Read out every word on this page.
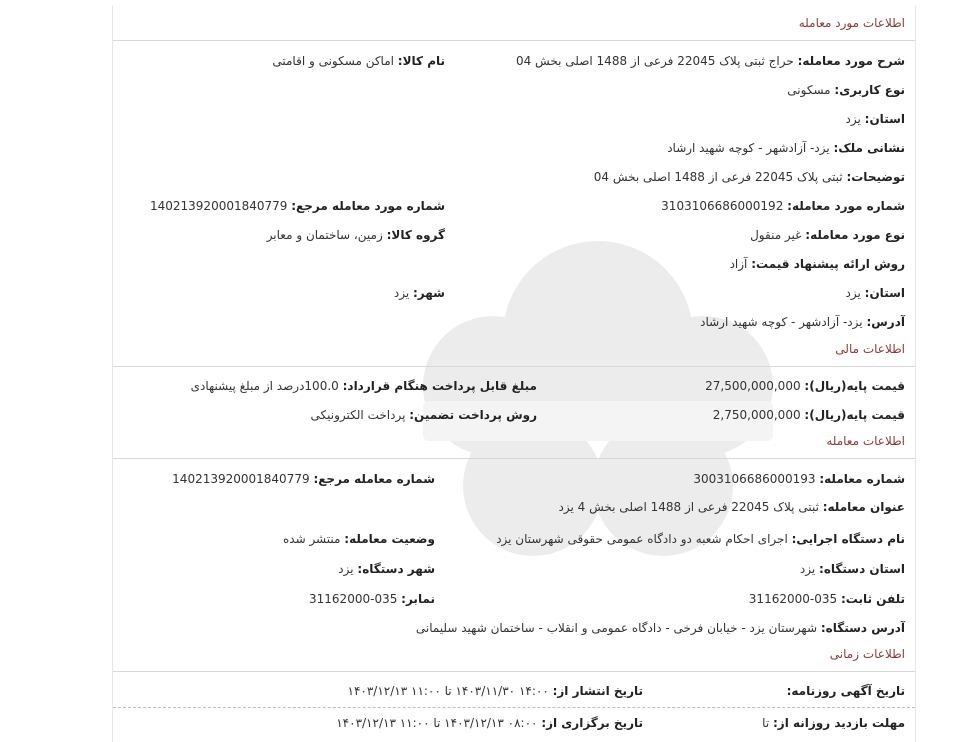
اطلاعات مورد معامله
شرح مورد معامله: حراج ثبتی پلاک 22045 فرعی از 1488 اصلی بخش 04
نام کالا: اماکن مسکونی و اقامتی
نوع کاربری: مسکونی
استان: یزد
نشانی ملک: یزد- آزادشهر - کوچه شهید ارشاد
توضیحات: ثبتی پلاک 22045 فرعی از 1488 اصلی بخش 04
شماره مورد معامله: 3103106686000192
شماره مورد معامله مرجع: 140213920001840779
نوع مورد معامله: غیر منقول
گروه کالا: زمین، ساختمان و معابر
روش ارائه پیشنهاد قیمت: آزاد
استان: یزد
شهر: یزد
آدرس: یزد- آزادشهر - کوچه شهید ارشاد
اطلاعات مالی
قیمت پایه(ریال): 27,500,000,000
مبلغ قابل پرداخت هنگام قرارداد: 100.0درصد از مبلغ پیشنهادی
قیمت پایه(ریال): 2,750,000,000
روش پرداخت تضمین: پرداخت الکترونیکی
اطلاعات معامله
شماره معامله: 3003106686000193
شماره معامله مرجع: 140213920001840779
عنوان معامله: ثبتی پلاک 22045 فرعی از 1488 اصلی بخش 4 یزد
نام دستگاه اجرایی: اجرای احکام شعبه دو دادگاه عمومی حقوقی شهرستان یزد
وضعیت معامله: منتشر شده
استان دستگاه: یزد
شهر دستگاه: یزد
تلفن ثابت: 035-31162000
نمابر: 035-31162000
آدرس دستگاه: شهرستان یزد - خیابان فرخی - دادگاه عمومی و انقلاب - ساختمان شهید سلیمانی
اطلاعات زمانی
تاریخ آگهی روزنامه:
تاریخ انتشار از: ۱۴:۰۰ ۱۴۰۳/۱۱/۳۰ تا ۱۱:۰۰ ۱۴۰۳/۱۲/۱۳
مهلت بازدید روزانه از: تا
تاریخ برگزاری از: ۰۸:۰۰ ۱۴۰۳/۱۲/۱۳ تا ۱۱:۰۰ ۱۴۰۳/۱۲/۱۳
